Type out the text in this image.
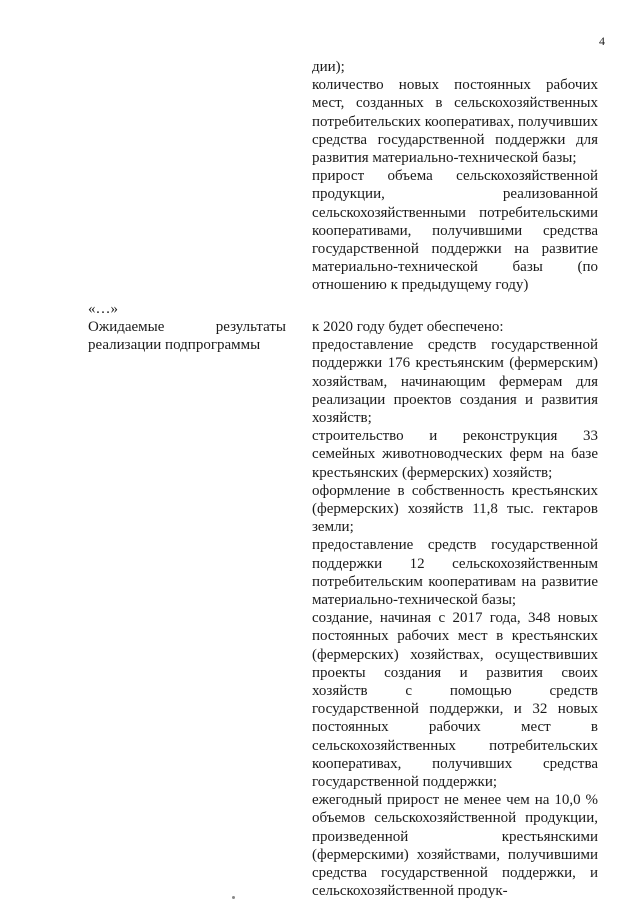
4

дии);

количество новых постоянных рабочих мест, созданных в сельскохозяйственных потребительских кооперативах, получивших средства государственной поддержки для развития материально-технической базы;

прирост объема сельскохозяйственной продукции, реализованной сельскохозяйственными потребительскими кооперативами, получившими средства государственной поддержки на развитие материально-технической базы (по отношению к предыдущему году)

«…»

Ожидаемые результаты реализации подпрограммы

к 2020 году будет обеспечено:

предоставление средств государственной поддержки 176 крестьянским (фермерским) хозяйствам, начинающим фермерам для реализации проектов создания и развития хозяйств;

строительство и реконструкция 33 семейных животноводческих ферм на базе крестьянских (фермерских) хозяйств;

оформление в собственность крестьянских (фермерских) хозяйств 11,8 тыс. гектаров земли;

предоставление средств государственной поддержки 12 сельскохозяйственным потребительским кооперативам на развитие материально-технической базы;

создание, начиная с 2017 года, 348 новых постоянных рабочих мест в крестьянских (фермерских) хозяйствах, осуществивших проекты создания и развития своих хозяйств с помощью средств государственной поддержки, и 32 новых постоянных рабочих мест в сельскохозяйственных потребительских кооперативах, получивших средства государственной поддержки;

ежегодный прирост не менее чем на 10,0 % объемов сельскохозяйственной продукции, произведенной крестьянскими (фермерскими) хозяйствами, получившими средства государственной поддержки, и сельскохозяйственной продук-
